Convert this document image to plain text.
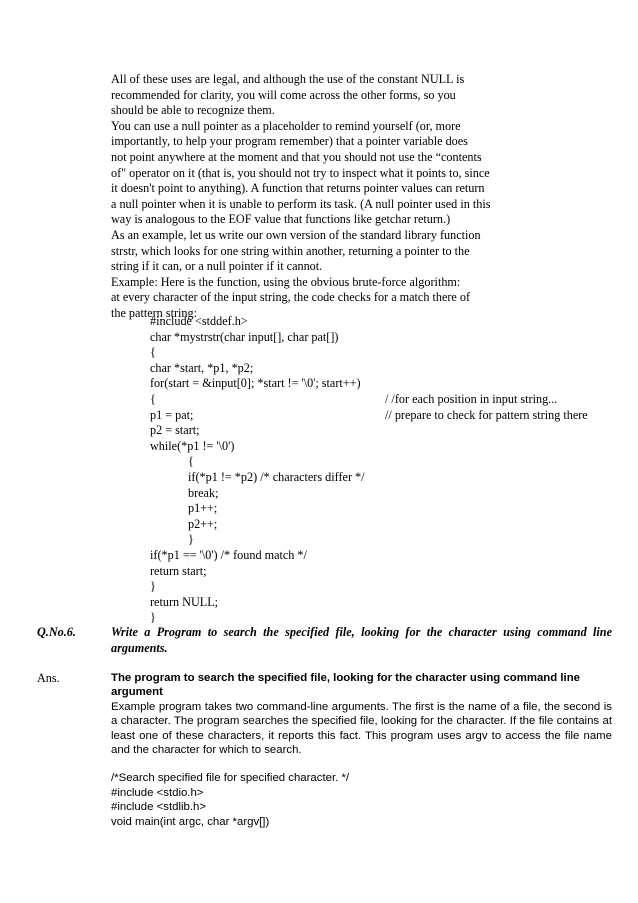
All of these uses are legal, and although the use of the constant NULL is
recommended for clarity, you will come across the other forms, so you
should be able to recognize them.
You can use a null pointer as a placeholder to remind yourself (or, more
importantly, to help your program remember) that a pointer variable does
not point anywhere at the moment and that you should not use the “contents
of" operator on it (that is, you should not try to inspect what it points to, since
it doesn't point to anything). A function that returns pointer values can return
a null pointer when it is unable to perform its task. (A null pointer used in this
way is analogous to the EOF value that functions like getchar return.)
As an example, let us write our own version of the standard library function
strstr, which looks for one string within another, returning a pointer to the
string if it can, or a null pointer if it cannot.
Example: Here is the function, using the obvious brute-force algorithm:
at every character of the input string, the code checks for a match there of
the pattern string:
#include <stddef.h>
char *mystrstr(char input[], char pat[])
{
char *start, *p1, *p2;
for(start = &input[0]; *start != '\0'; start++)
{	/ /for each position in input string...
p1 = pat;	// prepare to check for pattern string there
p2 = start;
while(*p1 != '\0')
{
if(*p1 != *p2) /* characters differ */
break;
p1++;
p2++;
}
if(*p1 == '\0') /* found match */
return start;
}
return NULL;
}
Q.No.6.	Write a Program to search the specified file, looking for the character using command line
arguments.
Ans.	The program to search the specified file, looking for the character using command line argument
Example program takes two command-line arguments. The first is the name of a file, the second is a character. The program searches the specified file, looking for the character. If the file contains at least one of these characters, it reports this fact. This program uses argv to access the file name and the character for which to search.
/*Search specified file for specified character. */
#include <stdio.h>
#include <stdlib.h>
void main(int argc, char *argv[])
